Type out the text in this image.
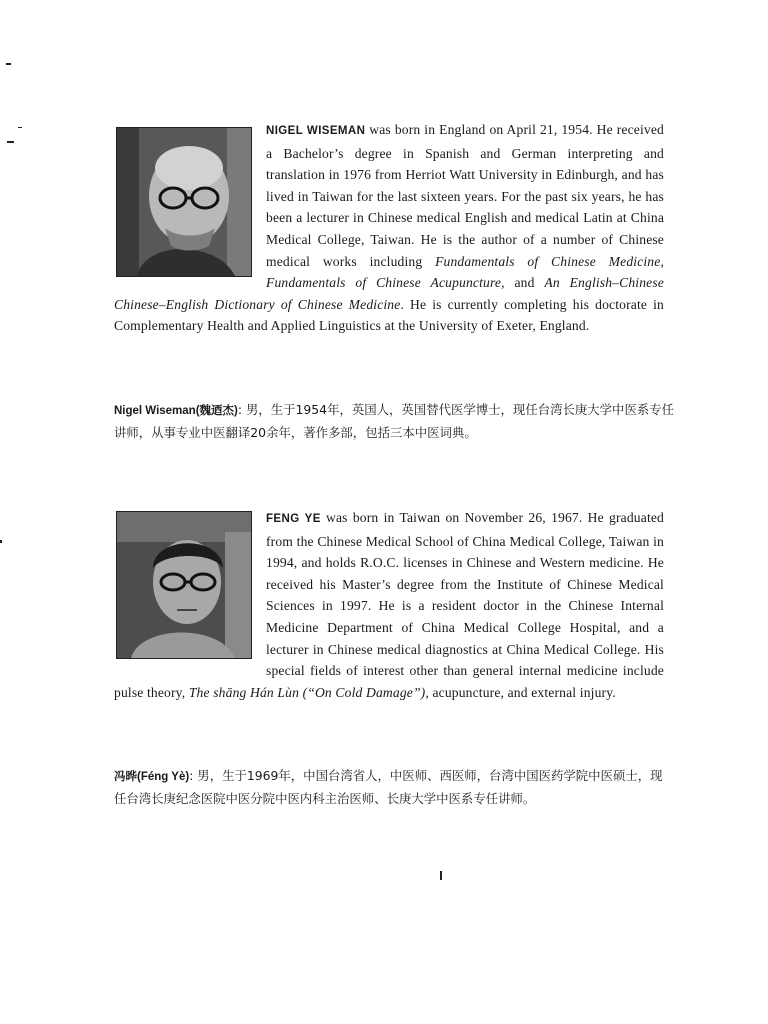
NIGEL WISEMAN was born in England on April 21, 1954. He received a Bachelor’s degree in Spanish and German interpreting and translation in 1976 from Herriot Watt University in Edinburgh, and has lived in Taiwan for the last sixteen years. For the past six years, he has been a lecturer in Chinese medical English and medical Latin at China Medical College, Taiwan. He is the author of a number of Chinese medical works including Fundamentals of Chinese Medicine, Fundamentals of Chinese Acupuncture, and An English–Chinese Chinese–English Dictionary of Chinese Medicine. He is currently completing his doctorate in Complementary Health and Applied Linguistics at the University of Exeter, England.

Nigel Wiseman(魏迺杰): 男，生于1954年，英国人，英国替代医学博士，现任台湾长庚大学中医系专任讲师，从事专业中医翻译20余年，著作多部，包括三本中医词典。

FENG YE was born in Taiwan on November 26, 1967. He graduated from the Chinese Medical School of China Medical College, Taiwan in 1994, and holds R.O.C. licenses in Chinese and Western medicine. He received his Master’s degree from the Institute of Chinese Medical Sciences in 1997. He is a resident doctor in the Chinese Internal Medicine Department of China Medical College Hospital, and a lecturer in Chinese medical diagnostics at China Medical College. His special fields of interest other than general internal medicine include pulse theory, The shāng Hán Lùn (“On Cold Damage”), acupuncture, and external injury.

冯晔(Féng Yè): 男，生于1969年，中国台湾省人，中医师、西医师，台湾中国医药学院中医硕士，现任台湾长庚纪念医院中医分院中医内科主治医师、长庚大学中医系专任讲师。
